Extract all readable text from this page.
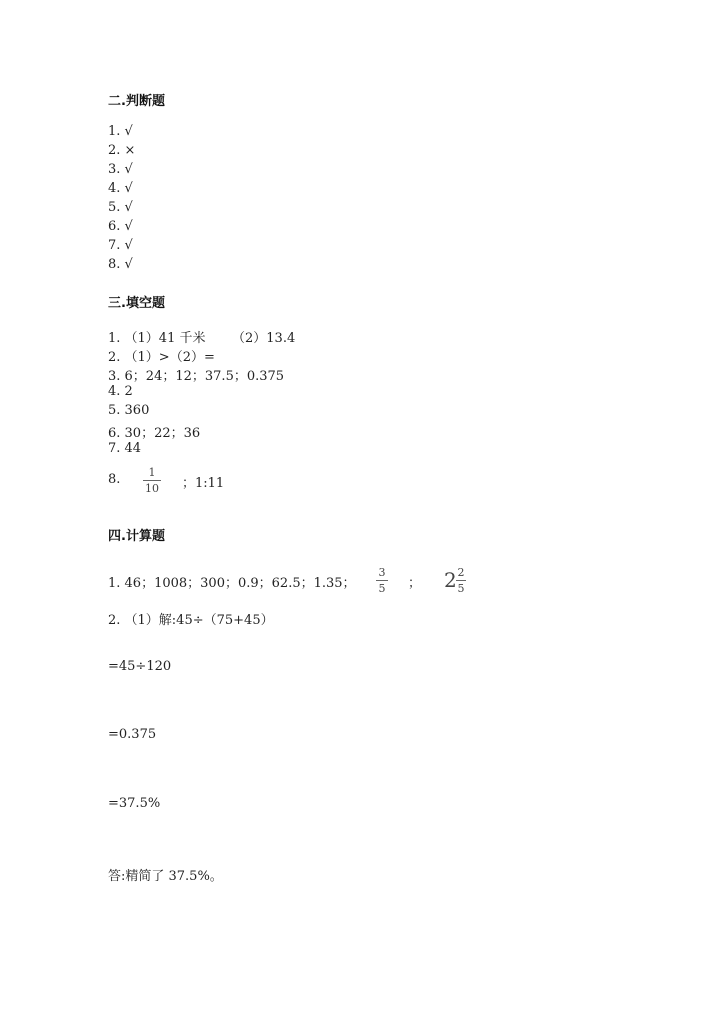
二.判断题
1. √
2. ×
3. √
4. √
5. √
6. √
7. √
8. √
三.填空题
1. （1）41 千米 （2）13.4
2. （1）>（2）=
3. 6；24；12；37.5；0.375
4. 2
5. 360
6. 30；22；36
7. 44
8.	1
10 ；1:11
四.计算题
1. 46；1008；300；0.9；62.5；1.35；
3
5 ； 2 2
5
2. （1）解:45÷（75+45）
=45÷120
=0.375
=37.5%
答:精简了 37.5%。
